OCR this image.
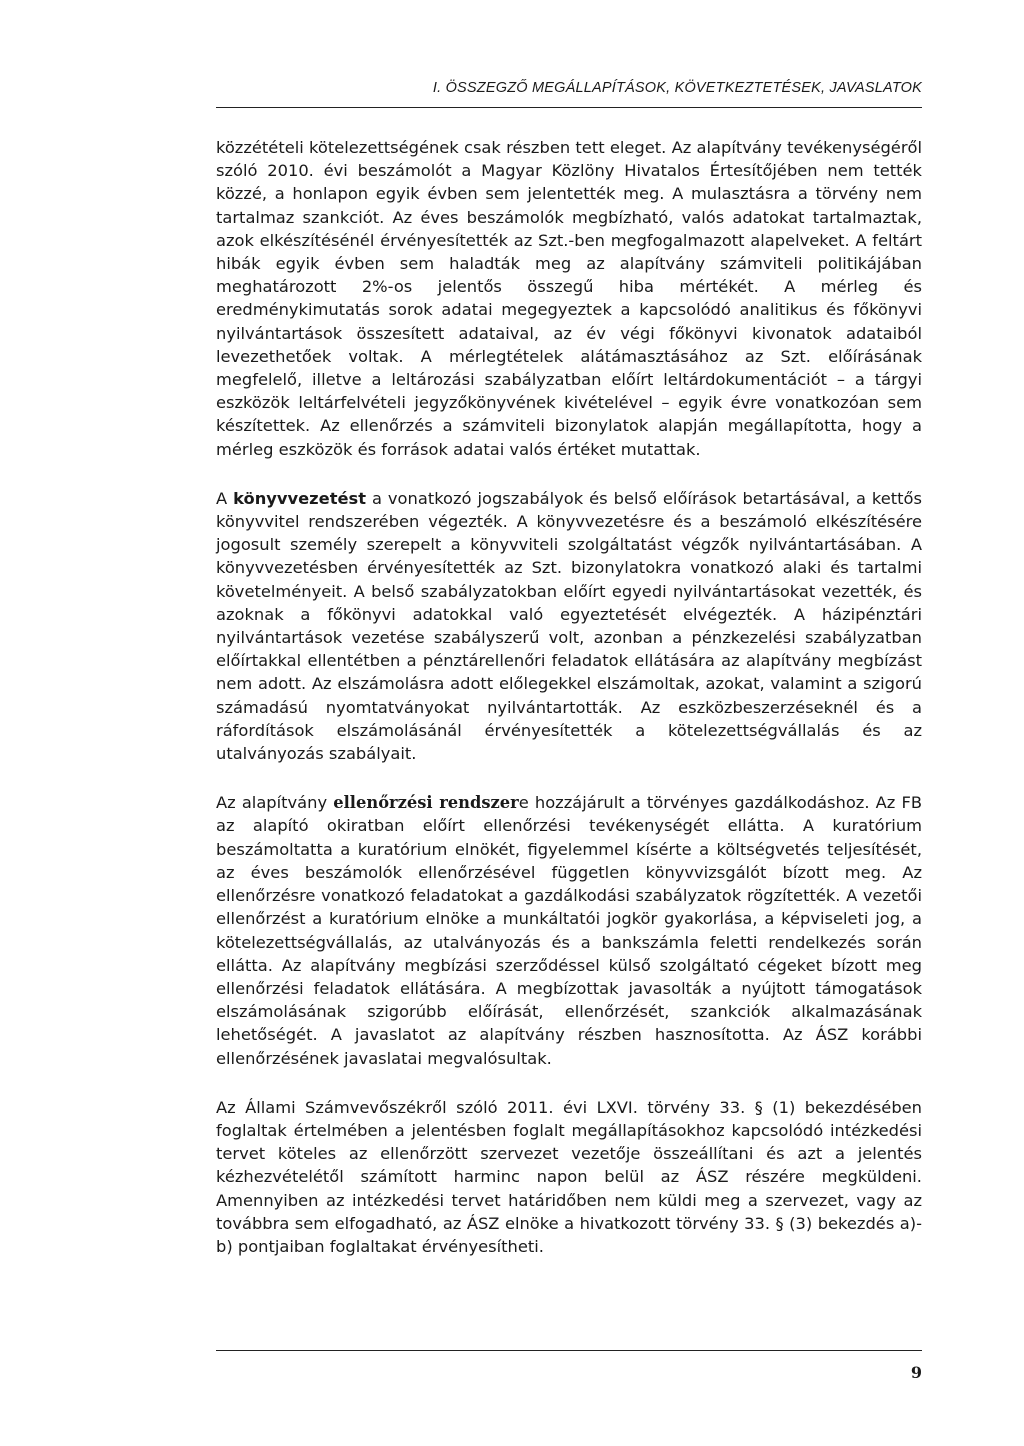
I. ÖSSZEGZŐ MEGÁLLAPÍTÁSOK, KÖVETKEZTETÉSEK, JAVASLATOK

közzétételi kötelezettségének csak részben tett eleget. Az alapítvány tevékenységéről szóló 2010. évi beszámolót a Magyar Közlöny Hivatalos Értesítőjében nem tették közzé, a honlapon egyik évben sem jelentették meg. A mulasztásra a törvény nem tartalmaz szankciót. Az éves beszámolók megbízható, valós adatokat tartalmaztak, azok elkészítésénél érvényesítették az Szt.-ben megfogalmazott alapelveket. A feltárt hibák egyik évben sem haladták meg az alapítvány számviteli politikájában meghatározott 2%-os jelentős összegű hiba mértékét. A mérleg és eredménykimutatás sorok adatai megegyeztek a kapcsolódó analitikus és főkönyvi nyilvántartások összesített adataival, az év végi főkönyvi kivonatok adataiból levezethetőek voltak. A mérlegtételek alátámasztásához az Szt. előírásának megfelelő, illetve a leltározási szabályzatban előírt leltárdokumentációt – a tárgyi eszközök leltárfelvételi jegyzőkönyvének kivételével – egyik évre vonatkozóan sem készítettek. Az ellenőrzés a számviteli bizonylatok alapján megállapította, hogy a mérleg eszközök és források adatai valós értéket mutattak.

A könyvvezetést a vonatkozó jogszabályok és belső előírások betartásával, a kettős könyvvitel rendszerében végezték. A könyvvezetésre és a beszámoló elkészítésére jogosult személy szerepelt a könyvviteli szolgáltatást végzők nyilvántartásában. A könyvvezetésben érvényesítették az Szt. bizonylatokra vonatkozó alaki és tartalmi követelményeit. A belső szabályzatokban előírt egyedi nyilvántartásokat vezették, és azoknak a főkönyvi adatokkal való egyeztetését elvégezték. A házipénztári nyilvántartások vezetése szabályszerű volt, azonban a pénzkezelési szabályzatban előírtakkal ellentétben a pénztárellenőri feladatok ellátására az alapítvány megbízást nem adott. Az elszámolásra adott előlegekkel elszámoltak, azokat, valamint a szigorú számadású nyomtatványokat nyilvántartották. Az eszközbeszerzéseknél és a ráfordítások elszámolásánál érvényesítették a kötelezettségvállalás és az utalványozás szabályait.

Az alapítvány ellenőrzési rendszere hozzájárult a törvényes gazdálkodáshoz. Az FB az alapító okiratban előírt ellenőrzési tevékenységét ellátta. A kuratórium beszámoltatta a kuratórium elnökét, figyelemmel kísérte a költségvetés teljesítését, az éves beszámolók ellenőrzésével független könyvvizsgálót bízott meg. Az ellenőrzésre vonatkozó feladatokat a gazdálkodási szabályzatok rögzítették. A vezetői ellenőrzést a kuratórium elnöke a munkáltatói jogkör gyakorlása, a képviseleti jog, a kötelezettségvállalás, az utalványozás és a bankszámla feletti rendelkezés során ellátta. Az alapítvány megbízási szerződéssel külső szolgáltató cégeket bízott meg ellenőrzési feladatok ellátására. A megbízottak javasolták a nyújtott támogatások elszámolásának szigorúbb előírását, ellenőrzését, szankciók alkalmazásának lehetőségét. A javaslatot az alapítvány részben hasznosította. Az ÁSZ korábbi ellenőrzésének javaslatai megvalósultak.

Az Állami Számvevőszékről szóló 2011. évi LXVI. törvény 33. § (1) bekezdésében foglaltak értelmében a jelentésben foglalt megállapításokhoz kapcsolódó intézkedési tervet köteles az ellenőrzött szervezet vezetője összeállítani és azt a jelentés kézhezvételétől számított harminc napon belül az ÁSZ részére megküldeni. Amennyiben az intézkedési tervet határidőben nem küldi meg a szervezet, vagy az továbbra sem elfogadható, az ÁSZ elnöke a hivatkozott törvény 33. § (3) bekezdés a)- b) pontjaiban foglaltakat érvényesítheti.

9
